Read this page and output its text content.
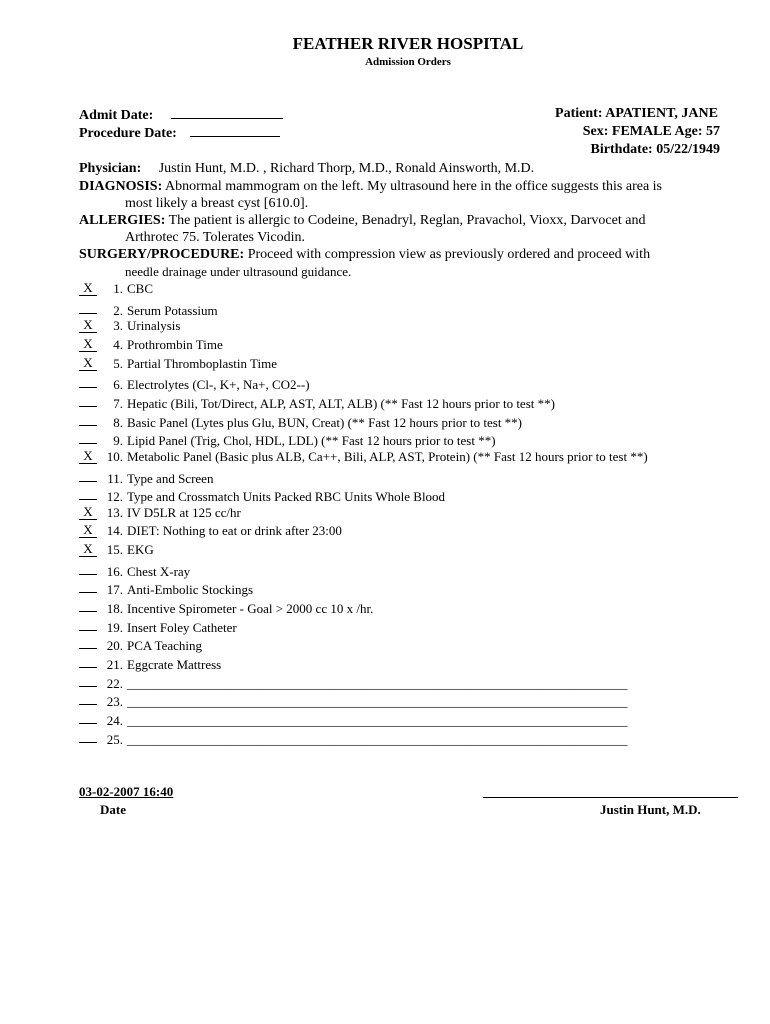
FEATHER RIVER HOSPITAL
Admission Orders
Admit Date:
Procedure Date:
Patient: APATIENT, JANE
Sex: FEMALE Age: 57
Birthdate: 05/22/1949
Physician: Justin Hunt, M.D. , Richard Thorp, M.D., Ronald Ainsworth, M.D.
DIAGNOSIS: Abnormal mammogram on the left. My ultrasound here in the office suggests this area is
most likely a breast cyst [610.0].
ALLERGIES: The patient is allergic to Codeine, Benadryl, Reglan, Pravachol, Vioxx, Darvocet and
Arthrotec 75. Tolerates Vicodin.
SURGERY/PROCEDURE: Proceed with compression view as previously ordered and proceed with
needle drainage under ultrasound guidance.
X 1. CBC
2. Serum Potassium
X 3. Urinalysis
X 4. Prothrombin Time
X 5. Partial Thromboplastin Time
6. Electrolytes (Cl-, K+, Na+, CO2--)
7. Hepatic (Bili, Tot/Direct, ALP, AST, ALT, ALB) (** Fast 12 hours prior to test **)
8. Basic Panel (Lytes plus Glu, BUN, Creat) (** Fast 12 hours prior to test **)
9. Lipid Panel (Trig, Chol, HDL, LDL) (** Fast 12 hours prior to test **)
X 10. Metabolic Panel (Basic plus ALB, Ca++, Bili, ALP, AST, Protein) (** Fast 12 hours prior to test **)
11. Type and Screen
12. Type and Crossmatch Units Packed RBC Units Whole Blood
X 13. IV D5LR at 125 cc/hr
X 14. DIET: Nothing to eat or drink after 23:00
X 15. EKG
16. Chest X-ray
17. Anti-Embolic Stockings
18. Incentive Spirometer - Goal > 2000 cc 10 x /hr.
19. Insert Foley Catheter
20. PCA Teaching
21. Eggcrate Mattress
22. _____________________________________________________________________________
23. _____________________________________________________________________________
24. _____________________________________________________________________________
25. _____________________________________________________________________________
03-02-2007 16:40
Date	Justin Hunt, M.D.
